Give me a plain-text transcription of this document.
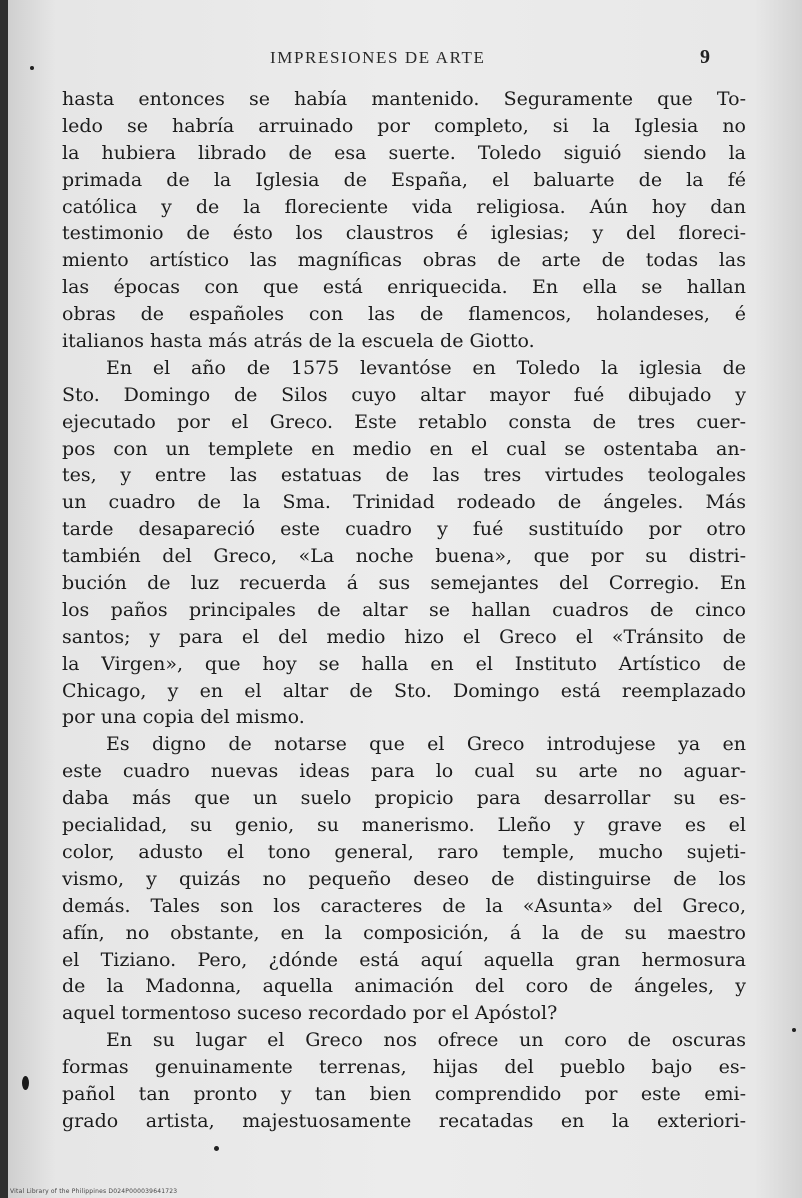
IMPRESIONES DE ARTE	9
hasta entonces se había mantenido. Seguramente que To-
ledo se habría arruinado por completo, si la Iglesia no
la hubiera librado de esa suerte. Toledo siguió siendo la
primada de la Iglesia de España, el baluarte de la fé
católica y de la floreciente vida religiosa. Aún hoy dan
testimonio de ésto los claustros é iglesias; y del floreci-
miento artístico las magníficas obras de arte de todas las
las épocas con que está enriquecida. En ella se hallan
obras de españoles con las de flamencos, holandeses, é
italianos hasta más atrás de la escuela de Giotto.
En el año de 1575 levantóse en Toledo la iglesia de
Sto. Domingo de Silos cuyo altar mayor fué dibujado y
ejecutado por el Greco. Este retablo consta de tres cuer-
pos con un templete en medio en el cual se ostentaba an-
tes, y entre las estatuas de las tres virtudes teologales
un cuadro de la Sma. Trinidad rodeado de ángeles. Más
tarde desapareció este cuadro y fué sustituído por otro
también del Greco, «La noche buena», que por su distri-
bución de luz recuerda á sus semejantes del Corregio. En
los paños principales de altar se hallan cuadros de cinco
santos; y para el del medio hizo el Greco el «Tránsito de
la Virgen», que hoy se halla en el Instituto Artístico de
Chicago, y en el altar de Sto. Domingo está reemplazado
por una copia del mismo.
Es digno de notarse que el Greco introdujese ya en
este cuadro nuevas ideas para lo cual su arte no aguar-
daba más que un suelo propicio para desarrollar su es-
pecialidad, su genio, su manerismo. Lleño y grave es el
color, adusto el tono general, raro temple, mucho sujeti-
vismo, y quizás no pequeño deseo de distinguirse de los
demás. Tales son los caracteres de la «Asunta» del Greco,
afín, no obstante, en la composición, á la de su maestro
el Tiziano. Pero, ¿dónde está aquí aquella gran hermosura
de la Madonna, aquella animación del coro de ángeles, y
aquel tormentoso suceso recordado por el Apóstol?
En su lugar el Greco nos ofrece un coro de oscuras
formas genuinamente terrenas, hijas del pueblo bajo es-
pañol tan pronto y tan bien comprendido por este emi-
grado artista, majestuosamente recatadas en la exteriori-
Vital Library of the Philippines D024P000039641723
